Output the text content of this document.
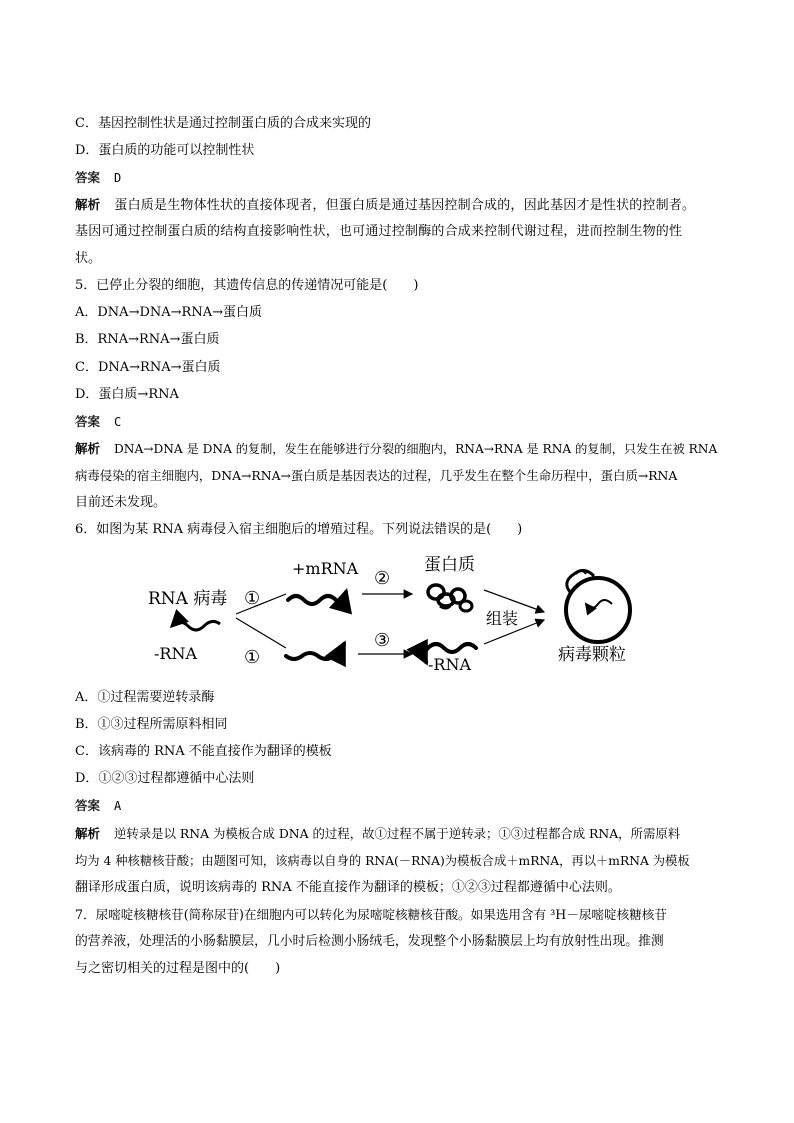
C．基因控制性状是通过控制蛋白质的合成来实现的
D．蛋白质的功能可以控制性状
答案 D
解析 蛋白质是生物体性状的直接体现者，但蛋白质是通过基因控制合成的，因此基因才是性状的控制者。
基因可通过控制蛋白质的结构直接影响性状，也可通过控制酶的合成来控制代谢过程，进而控制生物的性
状。
5．已停止分裂的细胞，其遗传信息的传递情况可能是(　　)
A．DNA→DNA→RNA→蛋白质
B．RNA→RNA→蛋白质
C．DNA→RNA→蛋白质
D．蛋白质→RNA
答案 C
解析 DNA→DNA 是 DNA 的复制，发生在能够进行分裂的细胞内，RNA→RNA 是 RNA 的复制，只发生在被 RNA
病毒侵染的宿主细胞内，DNA→RNA→蛋白质是基因表达的过程，几乎发生在整个生命历程中，蛋白质→RNA
目前还未发现。
6．如图为某 RNA 病毒侵入宿主细胞后的增殖过程。下列说法错误的是(　　)
RNA 病毒
-RNA
①
①
+mRNA ②
蛋白质
③
-RNA
组装
病毒颗粒
A．①过程需要逆转录酶
B．①③过程所需原料相同
C．该病毒的 RNA 不能直接作为翻译的模板
D．①②③过程都遵循中心法则
答案 A
解析 逆转录是以 RNA 为模板合成 DNA 的过程，故①过程不属于逆转录；①③过程都合成 RNA，所需原料
均为 4 种核糖核苷酸；由题图可知，该病毒以自身的 RNA(－RNA)为模板合成＋mRNA，再以＋mRNA 为模板
翻译形成蛋白质，说明该病毒的 RNA 不能直接作为翻译的模板；①②③过程都遵循中心法则。
7．尿嘧啶核糖核苷(简称尿苷)在细胞内可以转化为尿嘧啶核糖核苷酸。如果选用含有 ³H－尿嘧啶核糖核苷
的营养液，处理活的小肠黏膜层，几小时后检测小肠绒毛，发现整个小肠黏膜层上均有放射性出现。推测
与之密切相关的过程是图中的(　　)
